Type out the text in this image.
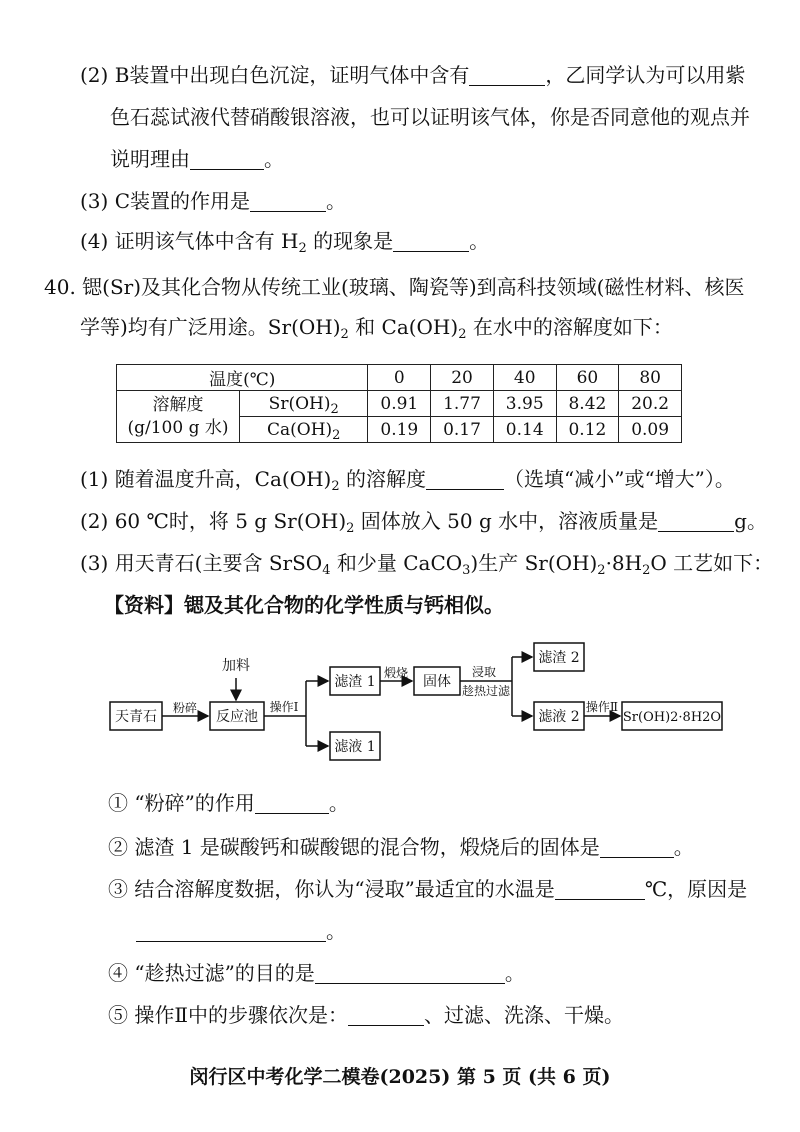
(2) B装置中出现白色沉淀，证明气体中含有	，乙同学认为可以用紫
色石蕊试液代替硝酸银溶液，也可以证明该气体，你是否同意他的观点并
说明理由	。
(3) C装置的作用是	。
(4) 证明该气体中含有 $H_2$ 的现象是	。
40. 锶(Sr)及其化合物从传统工业(玻璃、陶瓷等)到高科技领域(磁性材料、核医
学等)均有广泛用途。$Sr(OH)_2$ 和 $Ca(OH)_2$ 在水中的溶解度如下：
温度(℃)		0	20	40	60	80

溶解度
(g/100 g 水)	$Sr(OH)_2$	0.91	1.77	3.95	8.42	20.2
	$Ca(OH)_2$	0.19	0.17	0.14	0.12	0.09
(1) 随着温度升高，$Ca(OH)_2$ 的溶解度	（选填“减小”或“增大”）。
(2) 60 ℃时，将 5 g $Sr(OH)_2$ 固体放入 50 g 水中，溶液质量是	g。
(3) 用天青石(主要含 SrSO$_4$ 和少量 CaCO$_3$)生产 $Sr(OH)_2\cdot 8H_2O$ 工艺如下：
【资料】锶及其化合物的化学性质与钙相似。
加料
天青石
粉碎
反应池
操作Ⅰ
滤渣 1
滤液 1
煅烧
固体
浸取
趁热过滤
滤渣 2
滤液 2
操作Ⅱ
Sr(OH)2·8H2O
① “粉碎”的作用	。
② 滤渣 1 是碳酸钙和碳酸锶的混合物，煅烧后的固体是	。
③ 结合溶解度数据，你认为“浸取”最适宜的水温是	℃，原因是
。
④ “趁热过滤”的目的是	。
⑤ 操作Ⅱ中的步骤依次是：	、过滤、洗涤、干燥。
闵行区中考化学二模卷(2025) 第 5 页 (共 6 页)
